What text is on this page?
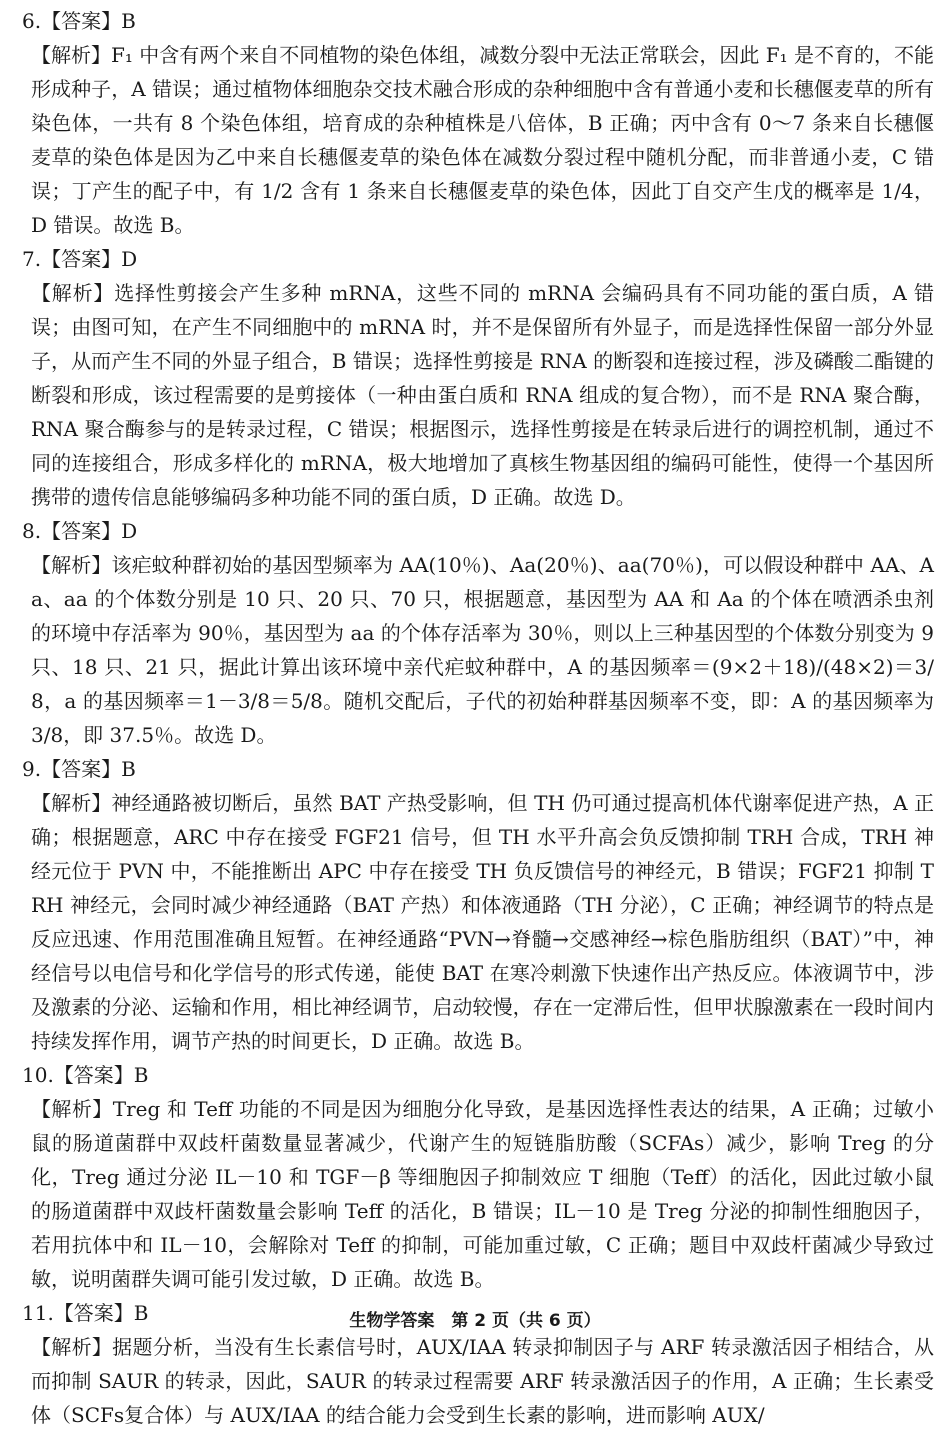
6.【答案】B

【解析】F₁ 中含有两个来自不同植物的染色体组，减数分裂中无法正常联会，因此 F₁ 是不育的，不能形成种子，A 错误；通过植物体细胞杂交技术融合形成的杂种细胞中含有普通小麦和长穗偃麦草的所有染色体，一共有 8 个染色体组，培育成的杂种植株是八倍体，B 正确；丙中含有 0～7 条来自长穗偃麦草的染色体是因为乙中来自长穗偃麦草的染色体在减数分裂过程中随机分配，而非普通小麦，C 错误；丁产生的配子中，有 1/2 含有 1 条来自长穗偃麦草的染色体，因此丁自交产生戊的概率是 1/4，D 错误。故选 B。

7.【答案】D

【解析】选择性剪接会产生多种 mRNA，这些不同的 mRNA 会编码具有不同功能的蛋白质，A 错误；由图可知，在产生不同细胞中的 mRNA 时，并不是保留所有外显子，而是选择性保留一部分外显子，从而产生不同的外显子组合，B 错误；选择性剪接是 RNA 的断裂和连接过程，涉及磷酸二酯键的断裂和形成，该过程需要的是剪接体（一种由蛋白质和 RNA 组成的复合物），而不是 RNA 聚合酶，RNA 聚合酶参与的是转录过程，C 错误；根据图示，选择性剪接是在转录后进行的调控机制，通过不同的连接组合，形成多样化的 mRNA，极大地增加了真核生物基因组的编码可能性，使得一个基因所携带的遗传信息能够编码多种功能不同的蛋白质，D 正确。故选 D。

8.【答案】D

【解析】该疟蚊种群初始的基因型频率为 AA(10％)、Aa(20％)、aa(70％)，可以假设种群中 AA、Aa、aa 的个体数分别是 10 只、20 只、70 只，根据题意，基因型为 AA 和 Aa 的个体在喷洒杀虫剂的环境中存活率为 90％，基因型为 aa 的个体存活率为 30％，则以上三种基因型的个体数分别变为 9 只、18 只、21 只，据此计算出该环境中亲代疟蚊种群中，A 的基因频率＝(9×2＋18)/(48×2)＝3/8，a 的基因频率＝1－3/8＝5/8。随机交配后，子代的初始种群基因频率不变，即：A 的基因频率为 3/8，即 37.5％。故选 D。

9.【答案】B

【解析】神经通路被切断后，虽然 BAT 产热受影响，但 TH 仍可通过提高机体代谢率促进产热，A 正确；根据题意，ARC 中存在接受 FGF21 信号，但 TH 水平升高会负反馈抑制 TRH 合成，TRH 神经元位于 PVN 中，不能推断出 APC 中存在接受 TH 负反馈信号的神经元，B 错误；FGF21 抑制 TRH 神经元，会同时减少神经通路（BAT 产热）和体液通路（TH 分泌），C 正确；神经调节的特点是反应迅速、作用范围准确且短暂。在神经通路“PVN→脊髓→交感神经→棕色脂肪组织（BAT）”中，神经信号以电信号和化学信号的形式传递，能使 BAT 在寒冷刺激下快速作出产热反应。体液调节中，涉及激素的分泌、运输和作用，相比神经调节，启动较慢，存在一定滞后性，但甲状腺激素在一段时间内持续发挥作用，调节产热的时间更长，D 正确。故选 B。

10.【答案】B

【解析】Treg 和 Teff 功能的不同是因为细胞分化导致，是基因选择性表达的结果，A 正确；过敏小鼠的肠道菌群中双歧杆菌数量显著减少，代谢产生的短链脂肪酸（SCFAs）减少，影响 Treg 的分化，Treg 通过分泌 IL－10 和 TGF－β 等细胞因子抑制效应 T 细胞（Teff）的活化，因此过敏小鼠的肠道菌群中双歧杆菌数量会影响 Teff 的活化，B 错误；IL－10 是 Treg 分泌的抑制性细胞因子，若用抗体中和 IL－10，会解除对 Teff 的抑制，可能加重过敏，C 正确；题目中双歧杆菌减少导致过敏，说明菌群失调可能引发过敏，D 正确。故选 B。

11.【答案】B

【解析】据题分析，当没有生长素信号时，AUX/IAA 转录抑制因子与 ARF 转录激活因子相结合，从而抑制 SAUR 的转录，因此，SAUR 的转录过程需要 ARF 转录激活因子的作用，A 正确；生长素受体（SCFs复合体）与 AUX/IAA 的结合能力会受到生长素的影响，进而影响 AUX/

生物学答案　第 2 页（共 6 页）
